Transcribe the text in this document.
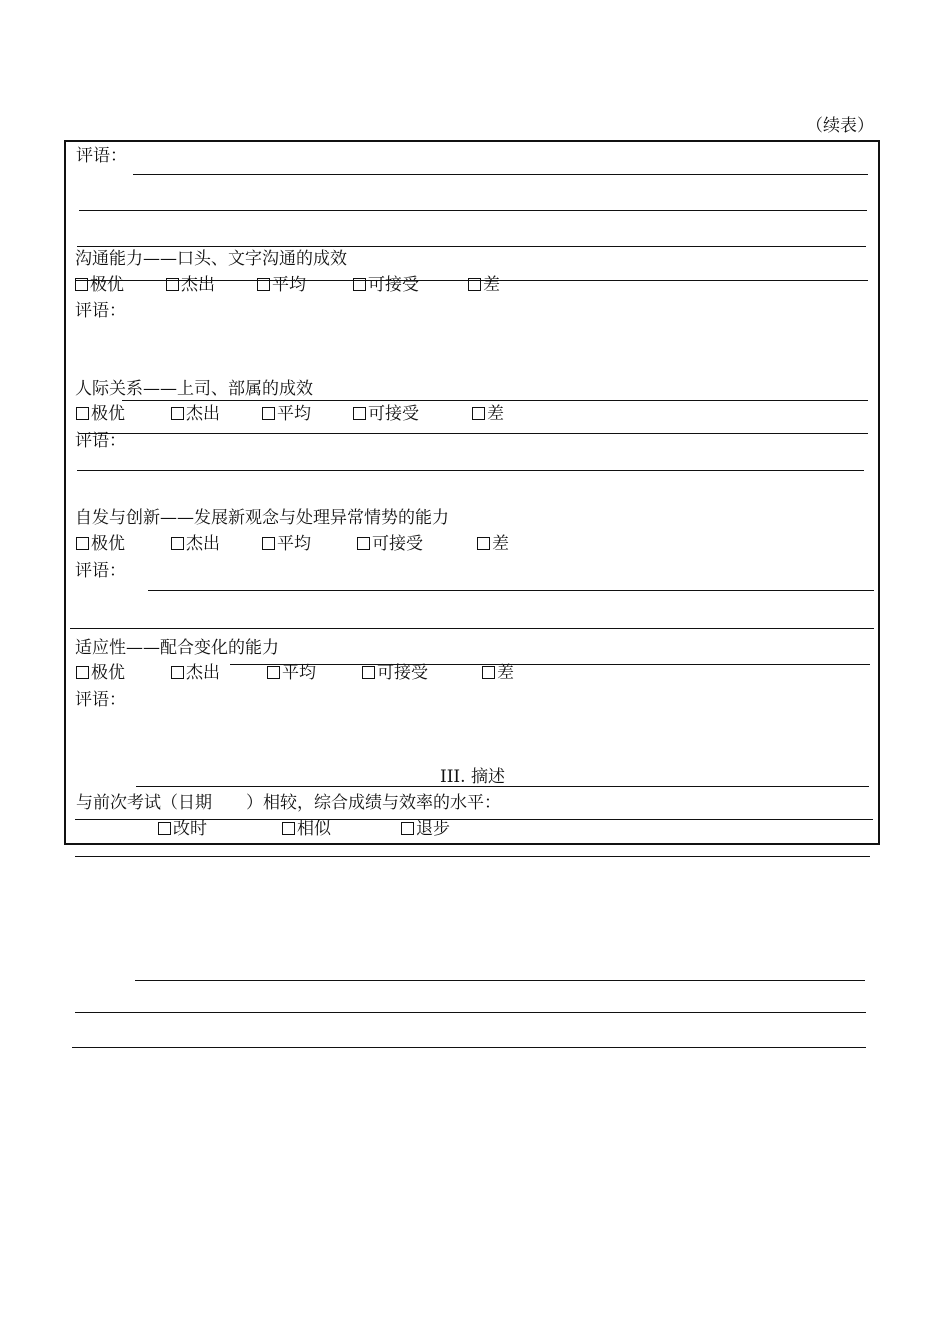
（续表）
评语：
沟通能力——口头、文字沟通的成效
极优	杰出	平均	可接受	差
评语：
人际关系——上司、部属的成效
极优	杰出	平均	可接受	差
评语：
自发与创新——发展新观念与处理异常情势的能力
极优	杰出	平均	可接受	差
评语：
适应性——配合变化的能力
极优	杰出	平均	可接受	差
评语：
III. 摘述
与前次考试（日期　　）相较，综合成绩与效率的水平：
改时	相似	退步
